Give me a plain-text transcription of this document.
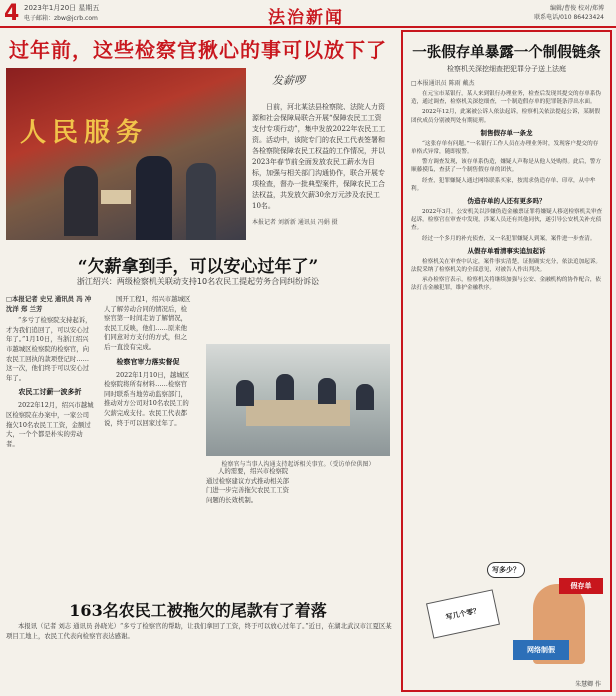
4 2023年1月20日 星期五
电子邮箱：zbw@jcrb.com	法治新闻	编辑/曹俊 校对/郑博
联系电话/010 86423424
过年前，这些检察官揪心的事可以放下了
人民服务
发薪啰
日前，河北某法县检察院、法院人力资源和社会保障局联合开展“保障农民工工资支付专项行动”，集中发放2022年农民工工资。活动中，该院专门的农民工代表签署和各检察院保障农民工权益的工作情况，并以2023年春节前全面发放农民工薪水为目标，加强与相关部门沟通协作，联合开展专项检查，督办一批典型案件，保障农民工合法权益，共发放欠薪30余万元涉及农民工10名。
本报记者 刘新新 通讯员 冯娟 摄
“欠薪拿到手，可以安心过年了”
浙江绍兴：两级检察机关联动支持10名农民工提起劳务合同纠纷诉讼

□本报记者 史兄 通讯员 冯 冲 沈洋 郑 兰芳

“多亏了检察院支持起诉，才为我们追回了，可以安心过年了。”1月10日，当浙江绍兴市越城区检察院的检察官，向农民工回执的款项登记时……这一次，他们终于可以安心过年了。

农民工讨薪一波多折

2022年12月，绍兴市越城区检察院在办案中，一家公司拖欠10名农民工工资，金额过大，一个个都是朴实的劳动者。

国开工程1，绍兴市越城区人了解劳动合同的情况后，检察官第一时间走访了解情况，农民工反映，他们……原来他们同意对方支付的方式，但之后一直没有完成。

检察官审力落实督促

2022年1月10日，越城区检察院将所有材料……检察官同时联系当地劳动监察部门，推动对方公司对10名农民工的欠薪完成支付。农民工代表都说，终于可以回家过年了。

人的需要，绍兴市检察院通过检察建议方式推动相关部门进一步完善拖欠农民工工资问题的长效机制。

检察官与当事人沟通支持起诉相关事宜。（受访单位供图）
163名农民工被拖欠的尾款有了着落

本报讯（记者 刘志 通讯员 孙晓光）“多亏了检察官的帮助，让我们拿回了工资，终于可以放心过年了。”近日，在湖北武汉市江夏区某项目工地上，农民工代表向检察官表达感谢。

一张假存单暴露一个制假链条
检察机关深挖细查把犯罪分子送上法庭
□本报通讯员 陈雨 戴杰

在元宝市某银行，某人来到银行办理业务，检查后发现其提交的存单系伪造，通过调查，检察机关深挖细查，一个制造假存单的犯罪链条浮出水面。

2022年12月，此案被公诉人依法起诉，检察机关依法提起公诉，某制假团伙成员分别被判处有期徒刑。

制售假存单一条龙

“这张存单有问题。”一名银行工作人员在办理业务时，发现客户提交的存单格式异常，随即报警。

警方调查发现，该存单系伪造，嫌疑人声称是从他人处购得。此后，警方顺藤摸瓜，查获了一个制售假存单的团伙。

经查，犯罪嫌疑人通过网络联系买家，按需求伪造存单、印章，从中牟利。

伪造存单的人还有更多吗？

2022年3月，公安机关以涉嫌伪造金融票证罪将嫌疑人移送检察机关审查起诉。检察官在审查中发现，涉案人员还有其他同伙，遂引导公安机关补充侦查。

经过一个多月的补充侦查，又一名犯罪嫌疑人到案，案件进一步查清。

从假存单看清事实追加起诉

检察机关在审查中认定，案件事实清楚，证据确实充分，依法追加起诉。法院采纳了检察机关的全部意见，对被告人作出判决。

承办检察官表示，检察机关将继续加强与公安、金融机构的协作配合，依法打击金融犯罪，维护金融秩序。

写多少？
写几个零？
假存单
网络制假
朱慧卿 作
